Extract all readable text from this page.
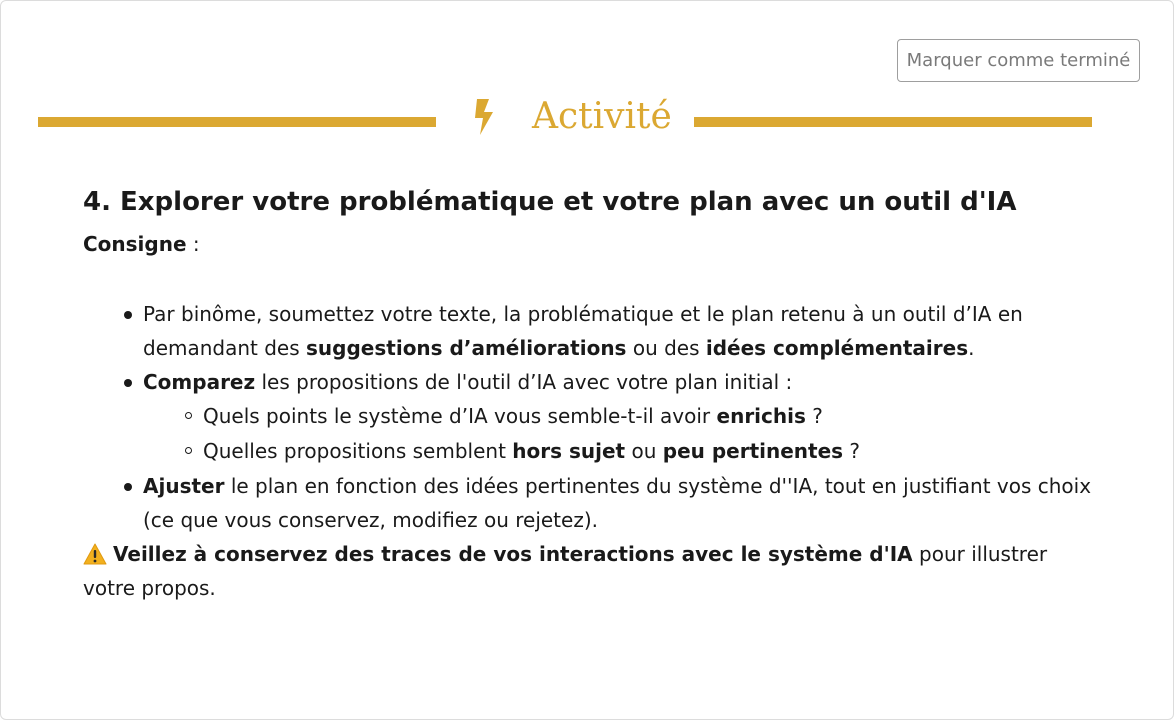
Marquer comme terminé
Activité
4. Explorer votre problématique et votre plan avec un outil d'IA
Consigne :
Par binôme, soumettez votre texte, la problématique et le plan retenu à un outil d’IA en demandant des suggestions d’améliorations ou des idées complémentaires.
Comparez les propositions de l'outil d’IA avec votre plan initial :
Quels points le système d’IA vous semble-t-il avoir enrichis ?
Quelles propositions semblent hors sujet ou peu pertinentes ?
Ajuster le plan en fonction des idées pertinentes du système d''IA, tout en justifiant vos choix (ce que vous conservez, modifiez ou rejetez).
Veillez à conservez des traces de vos interactions avec le système d'IA pour illustrer votre propos.
